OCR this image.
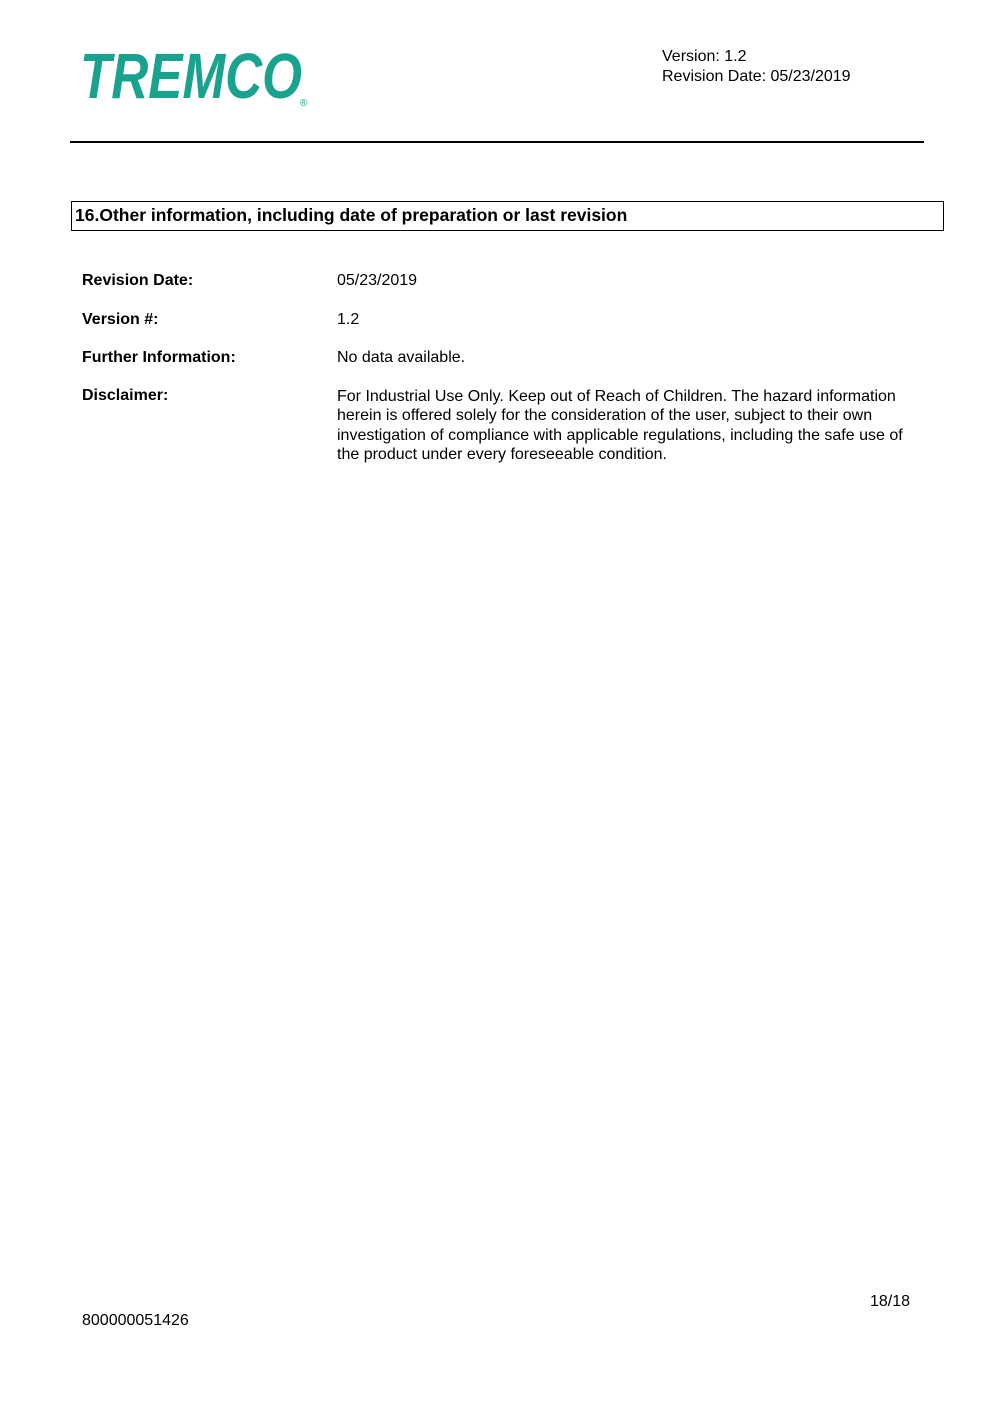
TREMCO
®
Version: 1.2
Revision Date: 05/23/2019
16.Other information, including date of preparation or last revision
Revision Date:	05/23/2019
Version #:	1.2
Further Information:	No data available.
Disclaimer:	For Industrial Use Only. Keep out of Reach of Children. The hazard information herein is offered solely for the consideration of the user, subject to their own investigation of compliance with applicable regulations, including the safe use of the product under every foreseeable condition.
18/18
800000051426
